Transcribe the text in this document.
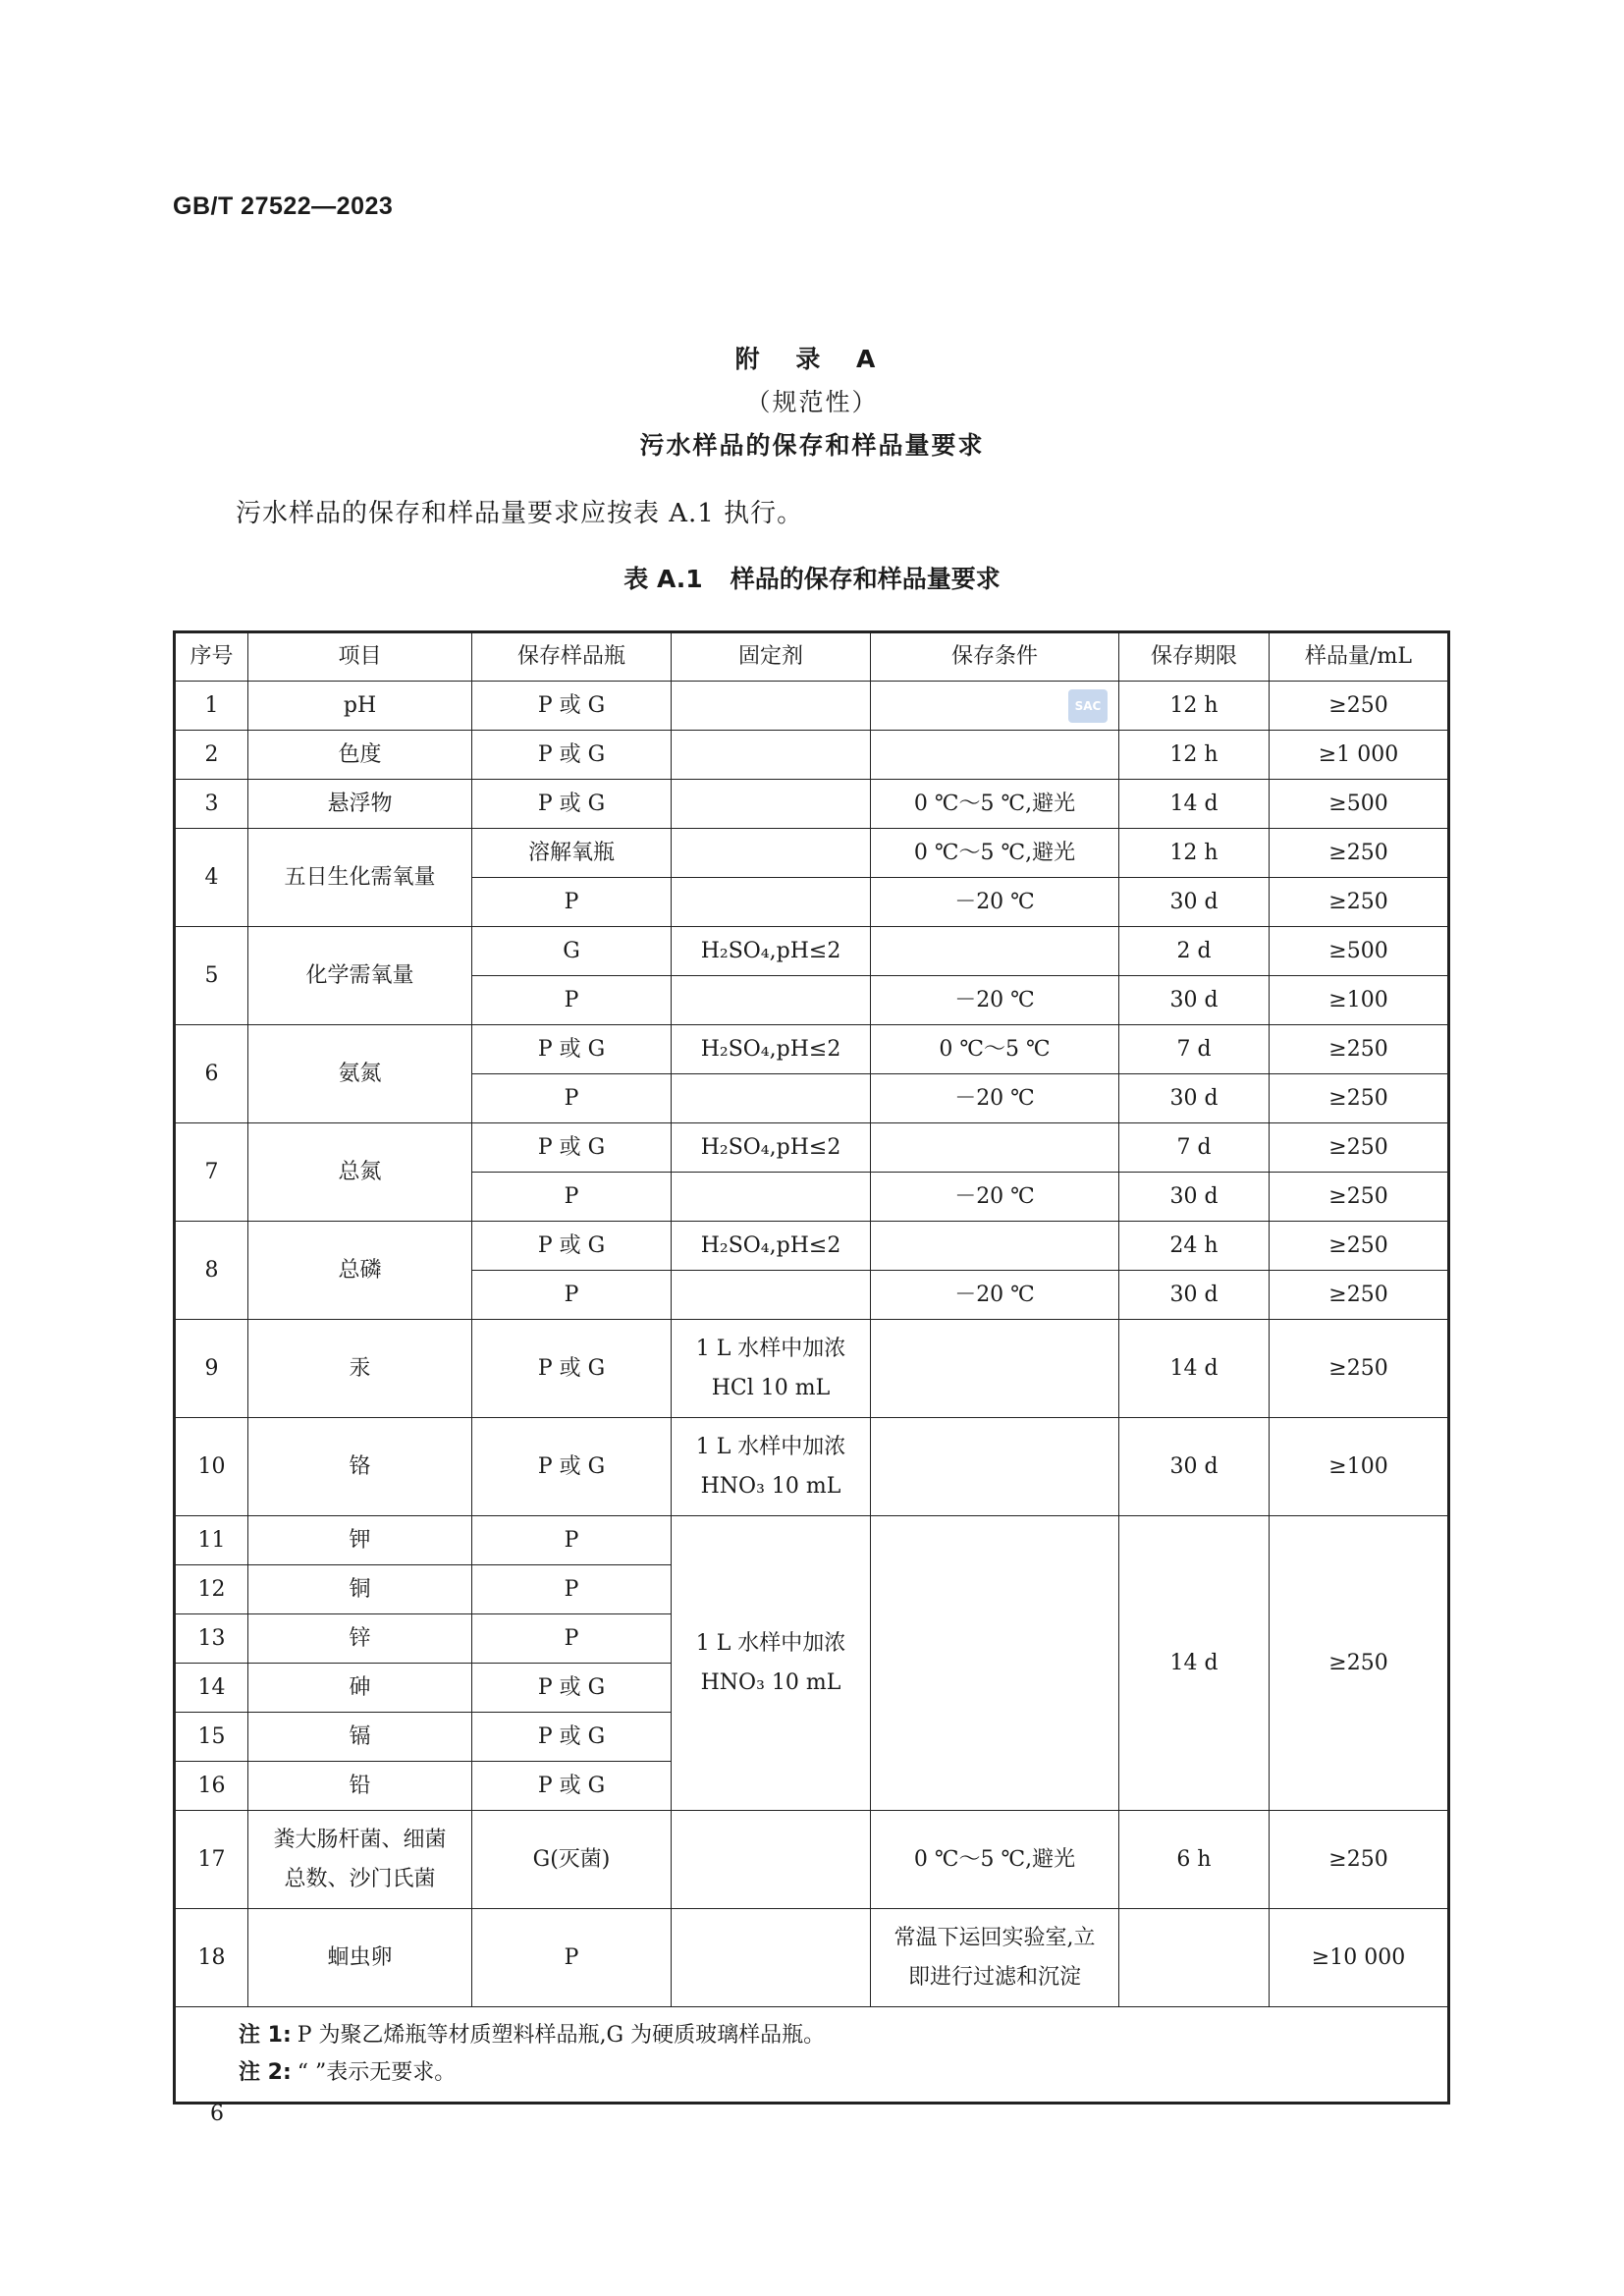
GB/T 27522—2023
附 录 A
（规范性）
污水样品的保存和样品量要求
污水样品的保存和样品量要求应按表 A.1 执行。
表 A.1 样品的保存和样品量要求
序号	项目	保存样品瓶	固定剂	保存条件	保存期限	样品量/mL
1	pH	P 或 G		SAC	12 h	≥250
2	色度	P 或 G			12 h	≥1 000
3	悬浮物	P 或 G		0 ℃～5 ℃,避光	14 d	≥500
4	五日生化需氧量	溶解氧瓶		0 ℃～5 ℃,避光	12 h	≥250
		P		－20 ℃	30 d	≥250
5	化学需氧量	G	H₂SO₄,pH≤2		2 d	≥500
		P		－20 ℃	30 d	≥100
6	氨氮	P 或 G	H₂SO₄,pH≤2	0 ℃～5 ℃	7 d	≥250
		P		－20 ℃	30 d	≥250
7	总氮	P 或 G	H₂SO₄,pH≤2		7 d	≥250
		P		－20 ℃	30 d	≥250
8	总磷	P 或 G	H₂SO₄,pH≤2		24 h	≥250
		P		－20 ℃	30 d	≥250
9	汞	P 或 G	1 L 水样中加浓
HCl 10 mL		14 d	≥250
10	铬	P 或 G	1 L 水样中加浓
HNO₃ 10 mL		30 d	≥100
11	钾	P	1 L 水样中加浓
HNO₃ 10 mL		14 d	≥250
12	铜	P				
13	锌	P				
14	砷	P 或 G				
15	镉	P 或 G				
16	铅	P 或 G				
17	粪大肠杆菌、细菌
总数、沙门氏菌	G(灭菌)		0 ℃～5 ℃,避光	6 h	≥250
18	蛔虫卵	P		常温下运回实验室,立
即进行过滤和沉淀		≥10 000

注 1: P 为聚乙烯瓶等材质塑料样品瓶,G 为硬质玻璃样品瓶。
注 2: “ ”表示无要求。						
6
